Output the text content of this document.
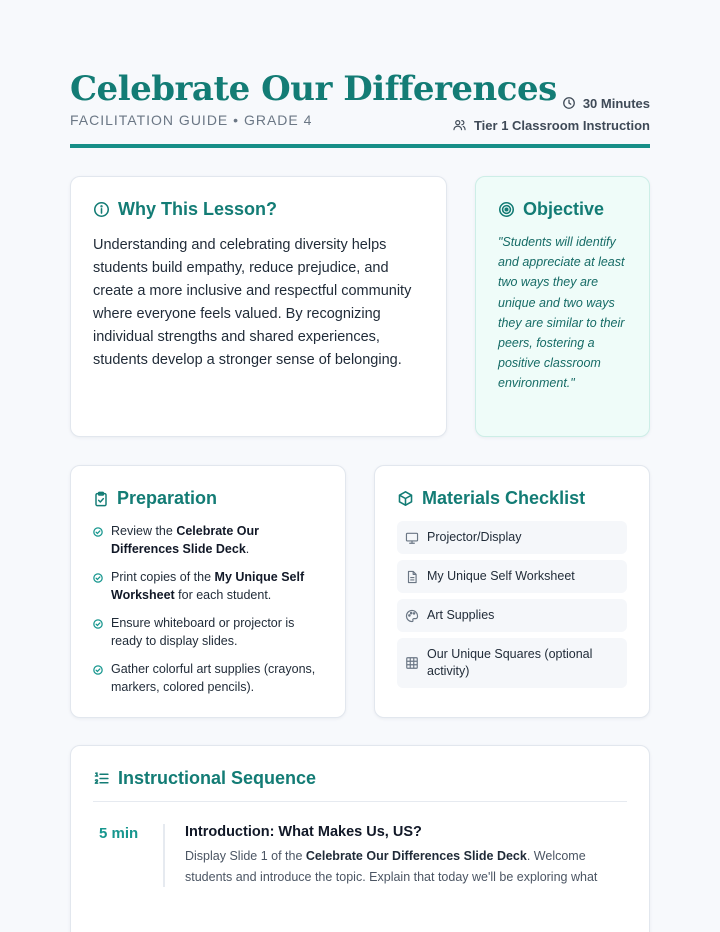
Celebrate Our Differences
FACILITATION GUIDE • GRADE 4
30 Minutes
Tier 1 Classroom Instruction
Why This Lesson?

Understanding and celebrating diversity helps students build empathy, reduce prejudice, and create a more inclusive and respectful community where everyone feels valued. By recognizing individual strengths and shared experiences, students develop a stronger sense of belonging.

Objective

"Students will identify and appreciate at least two ways they are unique and two ways they are similar to their peers, fostering a positive classroom environment."

Preparation
Review the Celebrate Our Differences Slide Deck.
Print copies of the My Unique Self Worksheet for each student.
Ensure whiteboard or projector is ready to display slides.
Gather colorful art supplies (crayons, markers, colored pencils).
Materials Checklist
Projector/Display
My Unique Self Worksheet
Art Supplies
Our Unique Squares (optional activity)
Instructional Sequence
5 min	Introduction: What Makes Us, US?

Display Slide 1 of the Celebrate Our Differences Slide Deck. Welcome students and introduce the topic. Explain that today we'll be exploring what
